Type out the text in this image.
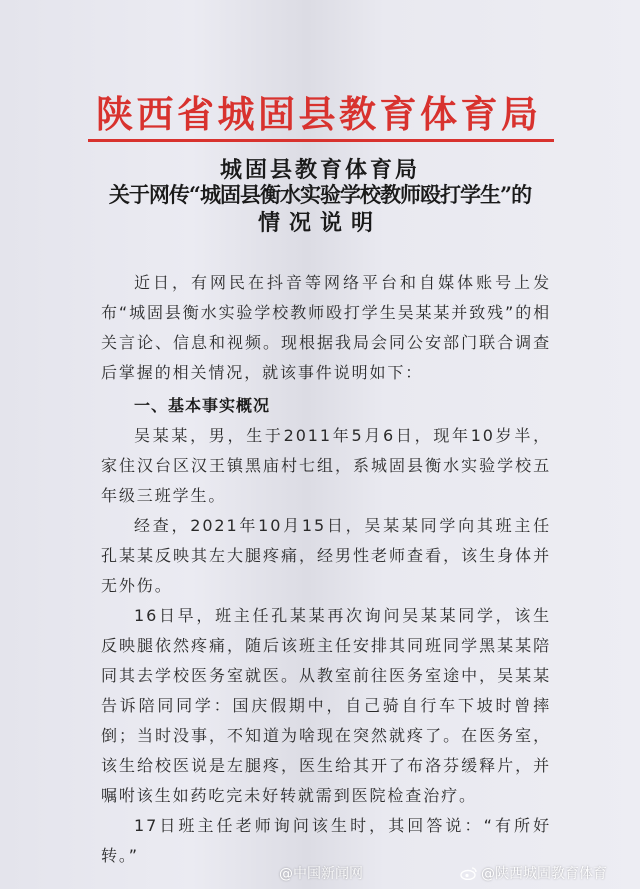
陕西省城固县教育体育局
城固县教育体育局
关于网传“城固县衡水实验学校教师殴打学生”的
情况说明

近日，有网民在抖音等网络平台和自媒体账号上发布“城固县衡水实验学校教师殴打学生吴某某并致残”的相关言论、信息和视频。现根据我局会同公安部门联合调查后掌握的相关情况，就该事件说明如下：

一、基本事实概况

吴某某，男，生于2011年5月6日，现年10岁半，家住汉台区汉王镇黑庙村七组，系城固县衡水实验学校五年级三班学生。

经查，2021年10月15日，吴某某同学向其班主任孔某某反映其左大腿疼痛，经男性老师查看，该生身体并无外伤。

16日早，班主任孔某某再次询问吴某某同学，该生反映腿依然疼痛，随后该班主任安排其同班同学黑某某陪同其去学校医务室就医。从教室前往医务室途中，吴某某告诉陪同同学：国庆假期中，自己骑自行车下坡时曾摔倒；当时没事，不知道为啥现在突然就疼了。在医务室，该生给校医说是左腿疼，医生给其开了布洛芬缓释片，并嘱咐该生如药吃完未好转就需到医院检查治疗。

17日班主任老师询问该生时，其回答说：“有所好转。”

@中国新闻网	@陕西城固教育体育
